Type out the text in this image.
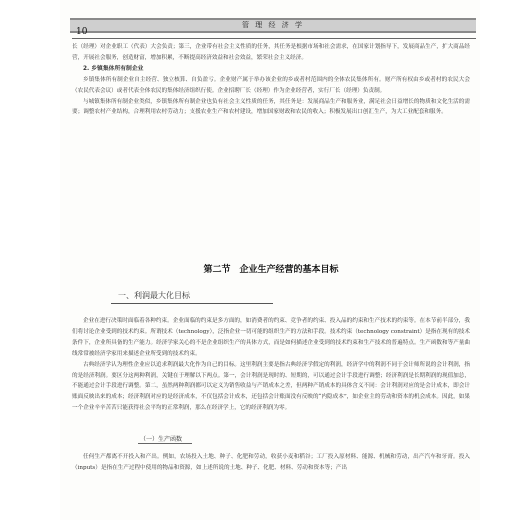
管 理 经 济 学
10

长（经理）对企业职工（代表）大会负责；第三，企业带有社会主义性质的任务，其任务是根据市场和社会需求，在国家计划指导下，发展商品生产，扩大商品经营，开展社会服务，创造财富，增加积累，不断提高经济效益和社会效益，繁荣社会主义经济。

2. 乡镇集体所有制企业

乡镇集体所有制企业自主经营、独立核算、自负盈亏。企业财产属于举办该企业的乡或者村范围内的全体农民集体所有。财产所有权由乡或者村的农民大会（农民代表会议）或者代表全体农民的集体经济组织行使。企业招聘厂长（经理）作为企业经营者，实行厂长（经理）负责制。

与城镇集体所有制企业类似，乡镇集体所有制企业也负有社会主义性质的任务，其任务是：发展商品生产和服务业，满足社会日益增长的物质和文化生活的需要；调整农村产业结构，合理利用农村劳动力；支援农业生产和农村建设，增加国家财政和农民的收入；积极发展出口创汇生产，为大工业配套和服务。

第二节　企业生产经营的基本目标
一、利润最大化目标

企业在进行决策时面临着各种约束。企业面临的约束是多方面的，如消费者的约束、竞争者的约束、投入品的约束和生产技术的约束等。在本节前半部分，我们将讨论企业受到的技术约束。所谓技术（technology），泛指企业一切可能的组织生产的方法和手段。技术约束（technology constraint）是指在现有的技术条件下，企业所具备的生产能力。经济学家关心的不是企业组织生产的具体方式，而是如何描述企业受到的技术约束和生产技术的普遍特点。生产函数和等产量曲线常常被经济学家用来描述企业所受到的技术约束。

古典经济学认为理性企业应以追求利润最大化作为自己的目标。这里利润主要是指古典经济学假定的利润，经济学中的利润不同于会计师所说的会计利润，指的是经济利润。要区分这两种利润，关键在于理解以下两点。第一，会计利润是现时的、短期的，可以通过会计手段进行调整；经济利润是长期利润的现值加总，不能通过会计手段进行调整。第二，虽然两种利润都可以定义为销售收益与产销成本之差，但两种产销成本的具体含义不同：会计利润对应的是会计成本，即会计账面反映出来的成本；经济利润对应的是经济成本，不仅包括会计成本，还包括会计账面没有反映的“内隐成本”，如企业主的劳动和资本的机会成本。因此，如果一个企业辛辛苦苦只能获得社会平均的正常利润，那么在经济学上，它的经济利润为零。

（一）生产函数

任何生产都离不开投入和产出。例如，农场投入土地、种子、化肥和劳动，收获小麦和稻谷；工厂投入原材料、能源、机械和劳动，出产汽车和牙膏。投入（inputs）是指在生产过程中使用的物品和资源，如上述所说的土地、种子、化肥、材料、劳动和资本等；产出
